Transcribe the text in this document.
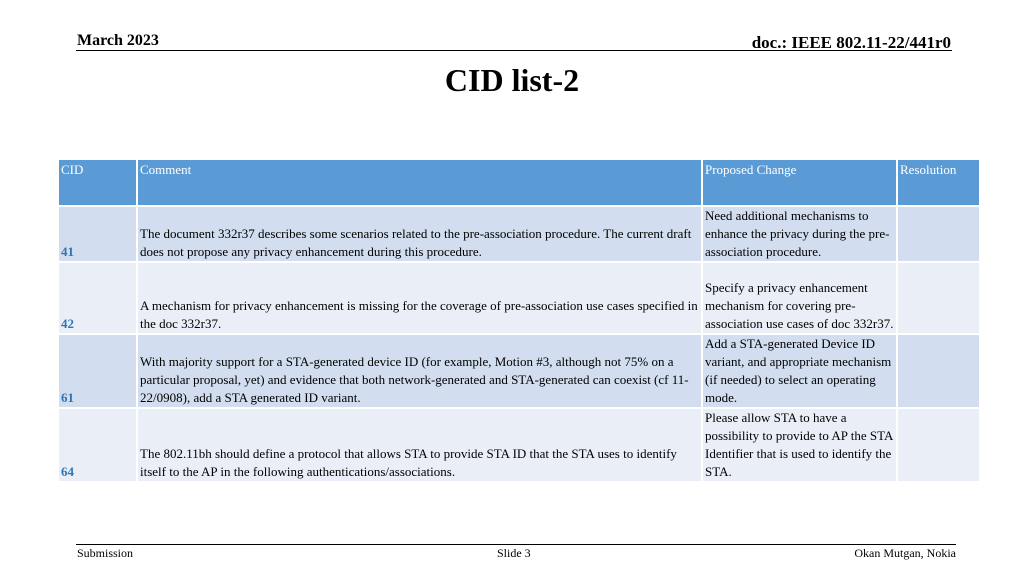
March 2023	doc.: IEEE 802.11-22/441r0
CID list-2
CID	Comment	Proposed Change	Resolution
41	The document 332r37 describes some scenarios related to the pre-association procedure. The current draft does not propose any privacy enhancement during this procedure.	Need additional mechanisms to enhance the privacy during the pre-association procedure.	
42	A mechanism for privacy enhancement is missing for the coverage of pre-association use cases specified in the doc 332r37.	Specify a privacy enhancement mechanism for covering pre-association use cases of doc 332r37.	
61	With majority support for a STA-generated device ID (for example, Motion #3, although not 75% on a particular proposal, yet) and evidence that both network-generated and STA-generated can coexist (cf 11-22/0908), add a STA generated ID variant.	Add a STA-generated Device ID variant, and appropriate mechanism (if needed) to select an operating mode.	
64	The 802.11bh should define a protocol that allows STA to provide STA ID that the STA uses to identify itself to the AP in the following authentications/associations.	Please allow STA to have a possibility to provide to AP the STA Identifier that is used to identify the STA.	
Submission	Slide 3	Okan Mutgan, Nokia
